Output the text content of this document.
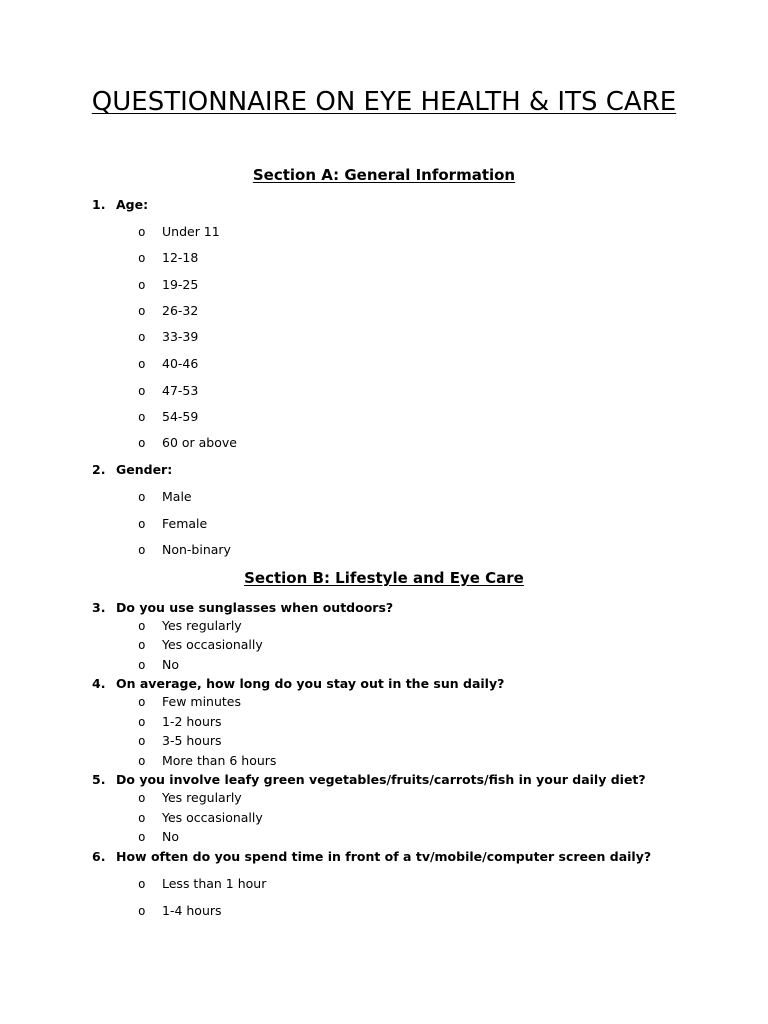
QUESTIONNAIRE ON EYE HEALTH & ITS CARE
Section A: General Information
1. Age:
o Under 11
o 12-18
o 19-25
o 26-32
o 33-39
o 40-46
o 47-53
o 54-59
o 60 or above
2. Gender:
o Male
o Female
o Non-binary
Section B: Lifestyle and Eye Care
3. Do you use sunglasses when outdoors?
o Yes regularly
o Yes occasionally
o No
4. On average, how long do you stay out in the sun daily?
o Few minutes
o 1-2 hours
o 3-5 hours
o More than 6 hours
5. Do you involve leafy green vegetables/fruits/carrots/fish in your daily diet?
o Yes regularly
o Yes occasionally
o No
6. How often do you spend time in front of a tv/mobile/computer screen daily?
o Less than 1 hour
o 1-4 hours
